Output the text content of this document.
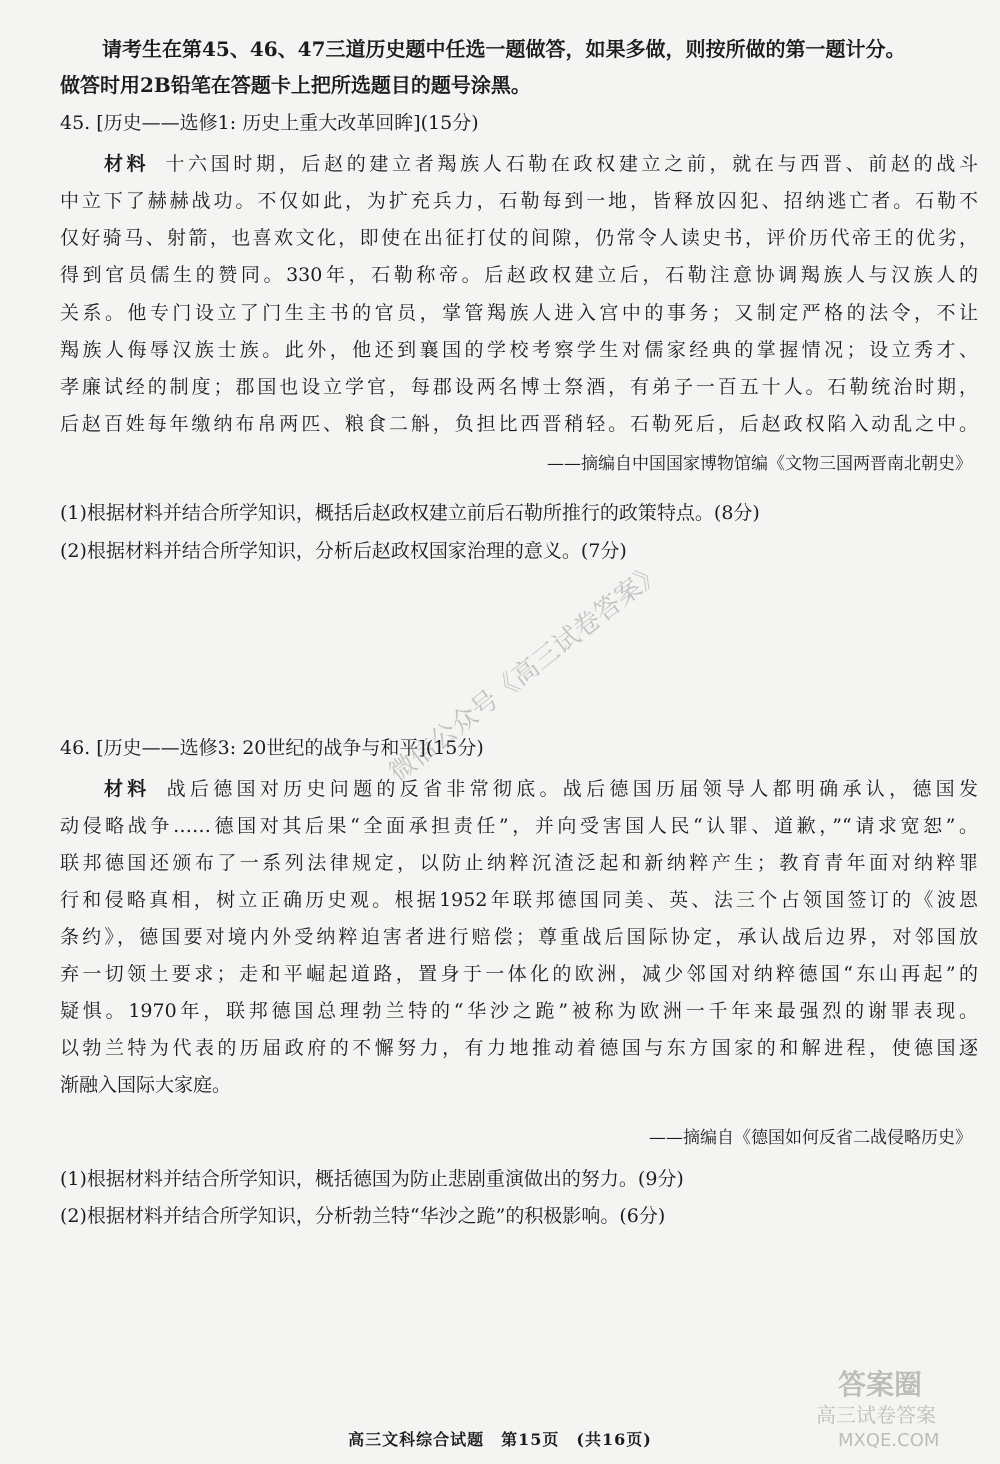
请考生在第45、46、47三道历史题中任选一题做答，如果多做，则按所做的第一题计分。
做答时用2B铅笔在答题卡上把所选题目的题号涂黑。
45. [历史——选修1: 历史上重大改革回眸](15分)
材料 十六国时期，后赵的建立者羯族人石勒在政权建立之前，就在与西晋、前赵的战斗
中立下了赫赫战功。不仅如此，为扩充兵力，石勒每到一地，皆释放囚犯、招纳逃亡者。石勒不
仅好骑马、射箭，也喜欢文化，即使在出征打仗的间隙，仍常令人读史书，评价历代帝王的优劣，
得到官员儒生的赞同。330年，石勒称帝。后赵政权建立后，石勒注意协调羯族人与汉族人的
关系。他专门设立了门生主书的官员，掌管羯族人进入宫中的事务；又制定严格的法令，不让
羯族人侮辱汉族士族。此外，他还到襄国的学校考察学生对儒家经典的掌握情况；设立秀才、
孝廉试经的制度；郡国也设立学官，每郡设两名博士祭酒，有弟子一百五十人。石勒统治时期，
后赵百姓每年缴纳布帛两匹、粮食二斛，负担比西晋稍轻。石勒死后，后赵政权陷入动乱之中。
——摘编自中国国家博物馆编《文物三国两晋南北朝史》
(1)根据材料并结合所学知识，概括后赵政权建立前后石勒所推行的政策特点。(8分)
(2)根据材料并结合所学知识，分析后赵政权国家治理的意义。(7分)
46. [历史——选修3: 20世纪的战争与和平](15分)
材料 战后德国对历史问题的反省非常彻底。战后德国历届领导人都明确承认，德国发
动侵略战争……德国对其后果“全面承担责任”，并向受害国人民“认罪、道歉，”“请求宽恕”。
联邦德国还颁布了一系列法律规定，以防止纳粹沉渣泛起和新纳粹产生；教育青年面对纳粹罪
行和侵略真相，树立正确历史观。根据1952年联邦德国同美、英、法三个占领国签订的《波恩
条约》，德国要对境内外受纳粹迫害者进行赔偿；尊重战后国际协定，承认战后边界，对邻国放
弃一切领土要求；走和平崛起道路，置身于一体化的欧洲，减少邻国对纳粹德国“东山再起”的
疑惧。1970年，联邦德国总理勃兰特的“华沙之跪”被称为欧洲一千年来最强烈的谢罪表现。
以勃兰特为代表的历届政府的不懈努力，有力地推动着德国与东方国家的和解进程，使德国逐
渐融入国际大家庭。
——摘编自《德国如何反省二战侵略历史》
(1)根据材料并结合所学知识，概括德国为防止悲剧重演做出的努力。(9分)
(2)根据材料并结合所学知识，分析勃兰特“华沙之跪”的积极影响。(6分)
微信公众号《高三试卷答案》
答案圈
高三试卷答案
MXQE.COM
高三文科综合试题　第15页　(共16页)
